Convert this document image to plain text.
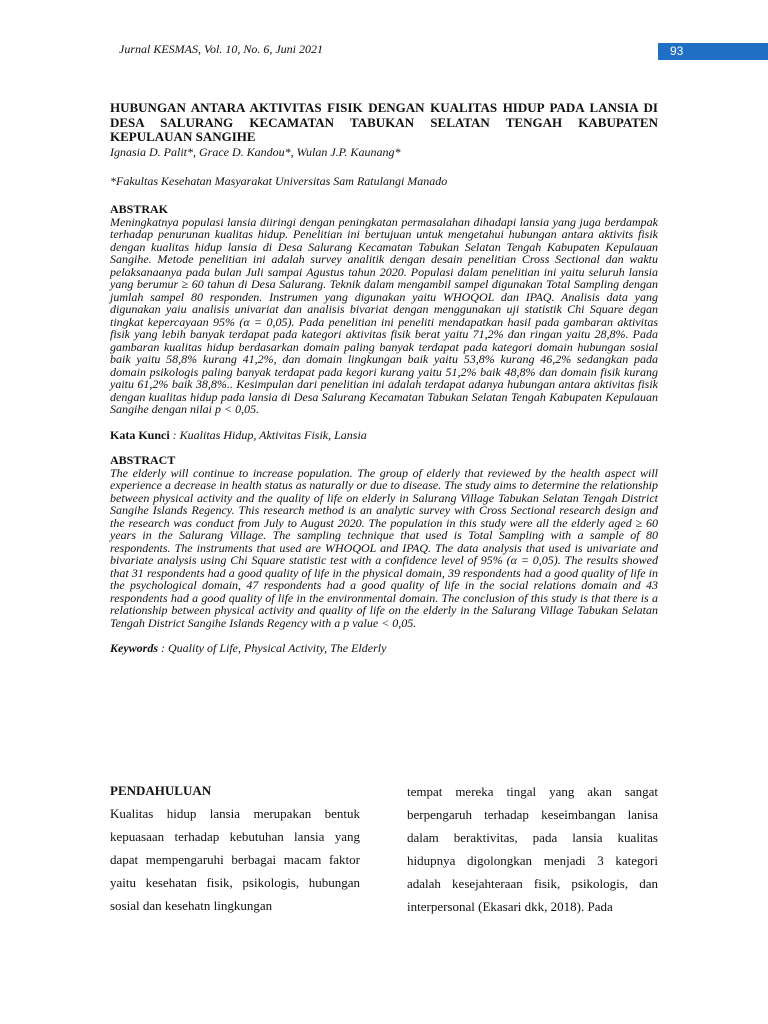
Jurnal KESMAS, Vol. 10, No. 6, Juni 2021	93

HUBUNGAN ANTARA AKTIVITAS FISIK DENGAN KUALITAS HIDUP PADA LANSIA DI DESA SALURANG KECAMATAN TABUKAN SELATAN TENGAH KABUPATEN KEPULAUAN SANGIHE

Ignasia D. Palit*, Grace D. Kandou*, Wulan J.P. Kaunang*
*Fakultas Kesehatan Masyarakat Universitas Sam Ratulangi Manado
ABSTRAK

Meningkatnya populasi lansia diiringi dengan peningkatan permasalahan dihadapi lansia yang juga berdampak terhadap penurunan kualitas hidup. Penelitian ini bertujuan untuk mengetahui hubungan antara aktivits fisik dengan kualitas hidup lansia di Desa Salurang Kecamatan Tabukan Selatan Tengah Kabupaten Kepulauan Sangihe. Metode penelitian ini adalah survey analitik dengan desain penelitian Cross Sectional dan waktu pelaksanaanya pada bulan Juli sampai Agustus tahun 2020. Populasi dalam penelitian ini yaitu seluruh lansia yang berumur ≥ 60 tahun di Desa Salurang. Teknik dalam mengambil sampel digunakan Total Sampling dengan jumlah sampel 80 responden. Instrumen yang digunakan yaitu WHOQOL dan IPAQ. Analisis data yang digunakan yaiu analisis univariat dan analisis bivariat dengan menggunakan uji statistik Chi Square degan tingkat kepercayaan 95% (α = 0,05). Pada penelitian ini peneliti mendapatkan hasil pada gambaran aktivitas fisik yang lebih banyak terdapat pada kategori aktivitas fisik berat yaitu 71,2% dan ringan yaitu 28,8%. Pada gambaran kualitas hidup berdasarkan domain paling banyak terdapat pada kategori domain hubungan sosial baik yaitu 58,8% kurang 41,2%, dan domain lingkungan baik yaitu 53,8% kurang 46,2% sedangkan pada domain psikologis paling banyak terdapat pada kegori kurang yaitu 51,2% baik 48,8% dan domain fisik kurang yaitu 61,2% baik 38,8%.. Kesimpulan dari penelitian ini adalah terdapat adanya hubungan antara aktivitas fisik dengan kualitas hidup pada lansia di Desa Salurang Kecamatan Tabukan Selatan Tengah Kabupaten Kepulauan Sangihe dengan nilai p < 0,05.

Kata Kunci : Kualitas Hidup, Aktivitas Fisik, Lansia
ABSTRACT

The elderly will continue to increase population. The group of elderly that reviewed by the health aspect will experience a decrease in health status as naturally or due to disease. The study aims to determine the relationship between physical activity and the quality of life on elderly in Salurang Village Tabukan Selatan Tengah District Sangihe Islands Regency. This research method is an analytic survey with Cross Sectional research design and the research was conduct from July to August 2020. The population in this study were all the elderly aged ≥ 60 years in the Salurang Village. The sampling technique that used is Total Sampling with a sample of 80 respondents. The instruments that used are WHOQOL and IPAQ. The data analysis that used is univariate and bivariate analysis using Chi Square statistic test with a confidence level of 95% (α = 0,05). The results showed that 31 respondents had a good quality of life in the physical domain, 39 respondents had a good quality of life in the psychological domain, 47 respondents had a good quality of life in the social relations domain and 43 respondents had a good quality of life in the environmental domain. The conclusion of this study is that there is a relationship between physical activity and quality of life on the elderly in the Salurang Village Tabukan Selatan Tengah District Sangihe Islands Regency with a p value < 0,05.

Keywords : Quality of Life, Physical Activity, The Elderly
PENDAHULUAN

Kualitas hidup lansia merupakan bentuk kepuasaan terhadap kebutuhan lansia yang dapat mempengaruhi berbagai macam faktor yaitu kesehatan fisik, psikologis, hubungan sosial dan kesehatn lingkungan

tempat mereka tingal yang akan sangat berpengaruh terhadap keseimbangan lanisa dalam beraktivitas, pada lansia kualitas hidupnya digolongkan menjadi 3 kategori adalah kesejahteraan fisik, psikologis, dan interpersonal (Ekasari dkk, 2018). Pada
